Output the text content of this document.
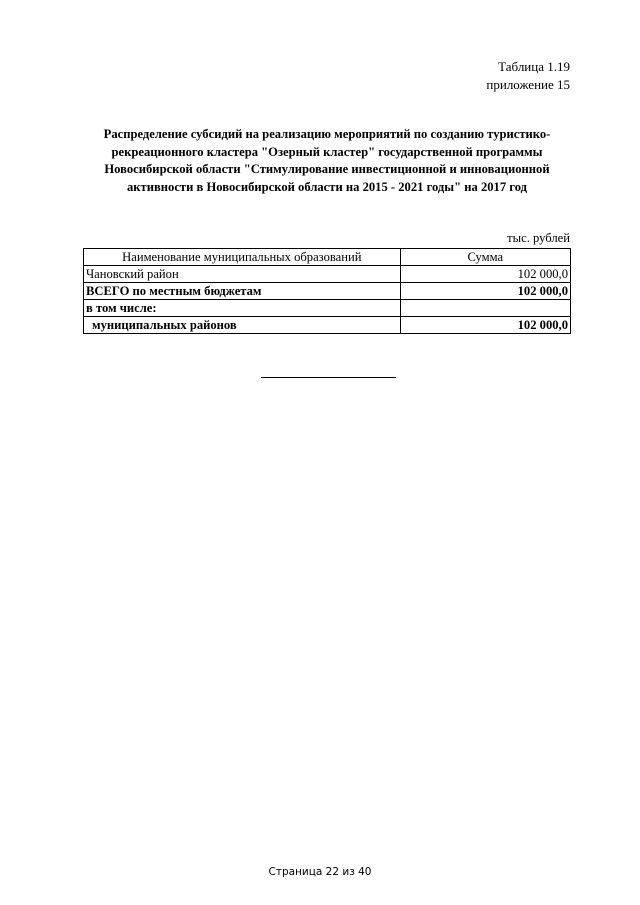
Таблица 1.19
приложение 15
Распределение субсидий на реализацию мероприятий по созданию туристико-
рекреационного кластера "Озерный кластер" государственной программы
Новосибирской области "Стимулирование инвестиционной и инновационной
активности в Новосибирской области на 2015 - 2021 годы" на 2017 год
тыс. рублей
Наименование муниципальных образований	Сумма
Чановский район	102 000,0
ВСЕГО по местным бюджетам	102 000,0
в том числе:	
муниципальных районов	102 000,0
Страница 22 из 40
